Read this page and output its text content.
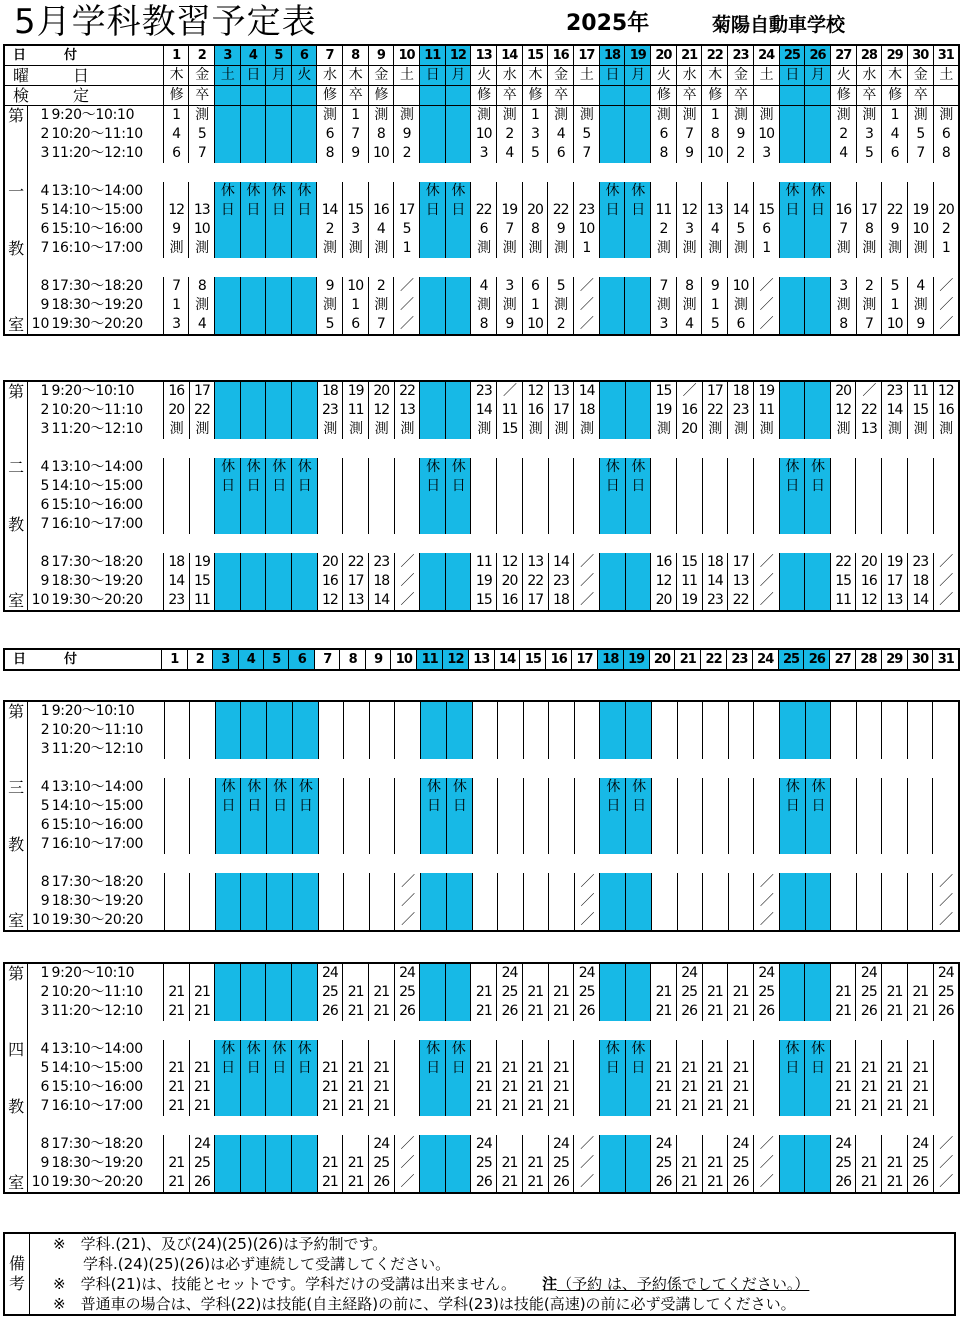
5月学科教習予定表	2025年	菊陽自動車学校
日　　付			1	2	3	4	5	6	7	8	9	10	11	12	13	14	15	16	17	18	19	20	21	22	23	24	25	26	27	28	29	30	31
曜　　日			木	金	土	日	月	火	水	木	金	土	日	月	火	水	木	金	土	日	月	火	水	木	金	土	日	月	火	水	木	金	土
検　　定			修	卒					修	卒	修				修	卒	修	卒				修	卒	修	卒				修	卒	修	卒	
第	1	9:20～10:10	1	測					測	1	測	測			測	測	1	測	測			測	測	1	測	測			測	測	1	測	測
	2	10:20～11:10	4	5					6	7	8	9			10	2	3	4	5			6	7	8	9	10			2	3	4	5	6
	3	11:20～12:10	6	7					8	9	10	2			3	4	5	6	7			8	9	10	2	3			4	5	6	7	8

一	4	13:10～14:00			休	休	休	休					休	休						休	休						休	休					
	5	14:10～15:00	12	13	日	日	日	日	14	15	16	17	日	日	22	19	20	22	23	日	日	11	12	13	14	15	日	日	16	17	22	19	20
	6	15:10～16:00	9	10					2	3	4	5			6	7	8	9	10			2	3	4	5	6			7	8	9	10	2
教	7	16:10～17:00	測	測					測	測	測	1			測	測	測	測	1			測	測	測	測	1			測	測	測	測	1

	8	17:30～18:20	7	8					9	10	2	／			4	3	6	5	／			7	8	9	10	／			3	2	5	4	／
	9	18:30～19:20	1	測					測	1	測	／			測	測	1	測	／			測	測	1	測	／			測	測	1	測	／
室	10	19:30～20:20	3	4					5	6	7	／			8	9	10	2	／			3	4	5	6	／			8	7	10	9	／
第	1	9:20～10:10	16	17					18	19	20	22			23	／	12	13	14			15	／	17	18	19			20	／	23	11	12
	2	10:20～11:10	20	22					23	11	12	13			14	11	16	17	18			19	16	22	23	11			12	22	14	15	16
	3	11:20～12:10	測	測					測	測	測	測			測	15	測	測	測			測	20	測	測	測			測	13	測	測	測

二	4	13:10～14:00			休	休	休	休					休	休						休	休						休	休					
	5	14:10～15:00			日	日	日	日					日	日						日	日						日	日					
	6	15:10～16:00																															
教	7	16:10～17:00																															

	8	17:30～18:20	18	19					20	22	23	／			11	12	13	14	／			16	15	18	17	／			22	20	19	23	／
	9	18:30～19:20	14	15					16	17	18	／			19	20	22	23	／			12	11	14	13	／			15	16	17	18	／
室	10	19:30～20:20	23	11					12	13	14	／			15	16	17	18	／			20	19	23	22	／			11	12	13	14	／
日　　付	1	2	3	4	5	6	7	8	9	10	11	12	13	14	15	16	17	18	19	20	21	22	23	24	25	26	27	28	29	30	31
第	1	9:20～10:10																															
	2	10:20～11:10																															
	3	11:20～12:10																															

三	4	13:10～14:00			休	休	休	休					休	休						休	休						休	休					
	5	14:10～15:00			日	日	日	日					日	日						日	日						日	日					
	6	15:10～16:00																															
教	7	16:10～17:00																															

	8	17:30～18:20										／							／							／							／
	9	18:30～19:20										／							／							／							／
室	10	19:30～20:20										／							／							／							／
第	1	9:20～10:10							24			24				24			24				24			24				24			24
	2	10:20～11:10	21	21					25	21	21	25			21	25	21	21	25			21	25	21	21	25			21	25	21	21	25
	3	11:20～12:10	21	21					26	21	21	26			21	26	21	21	26			21	26	21	21	26			21	26	21	21	26

四	4	13:10～14:00			休	休	休	休					休	休						休	休						休	休					
	5	14:10～15:00	21	21	日	日	日	日	21	21	21		日	日	21	21	21	21		日	日	21	21	21	21		日	日	21	21	21	21	
	6	15:10～16:00	21	21					21	21	21				21	21	21	21				21	21	21	21				21	21	21	21	
教	7	16:10～17:00	21	21					21	21	21				21	21	21	21				21	21	21	21				21	21	21	21	

	8	17:30～18:20		24							24	／			24			24	／			24			24	／			24			24	／
	9	18:30～19:20	21	25					21	21	25	／			25	21	21	25	／			25	21	21	25	／			25	21	21	25	／
室	10	19:30～20:20	21	26					21	21	26	／			26	21	21	26	／			26	21	21	26	／			26	21	21	26	／
備
考
※　学科.(21)、及び(24)(25)(26)は予約制です。
　　学科.(24)(25)(26)は必ず連続して受講してください。
※　学科(21)は、技能とセットです。学科だけの受講は出来ません。 注（予約 は、予約係でしてください。）
※　普通車の場合は、学科(22)は技能(自主経路)の前に、学科(23)は技能(高速)の前に必ず受講してください。
